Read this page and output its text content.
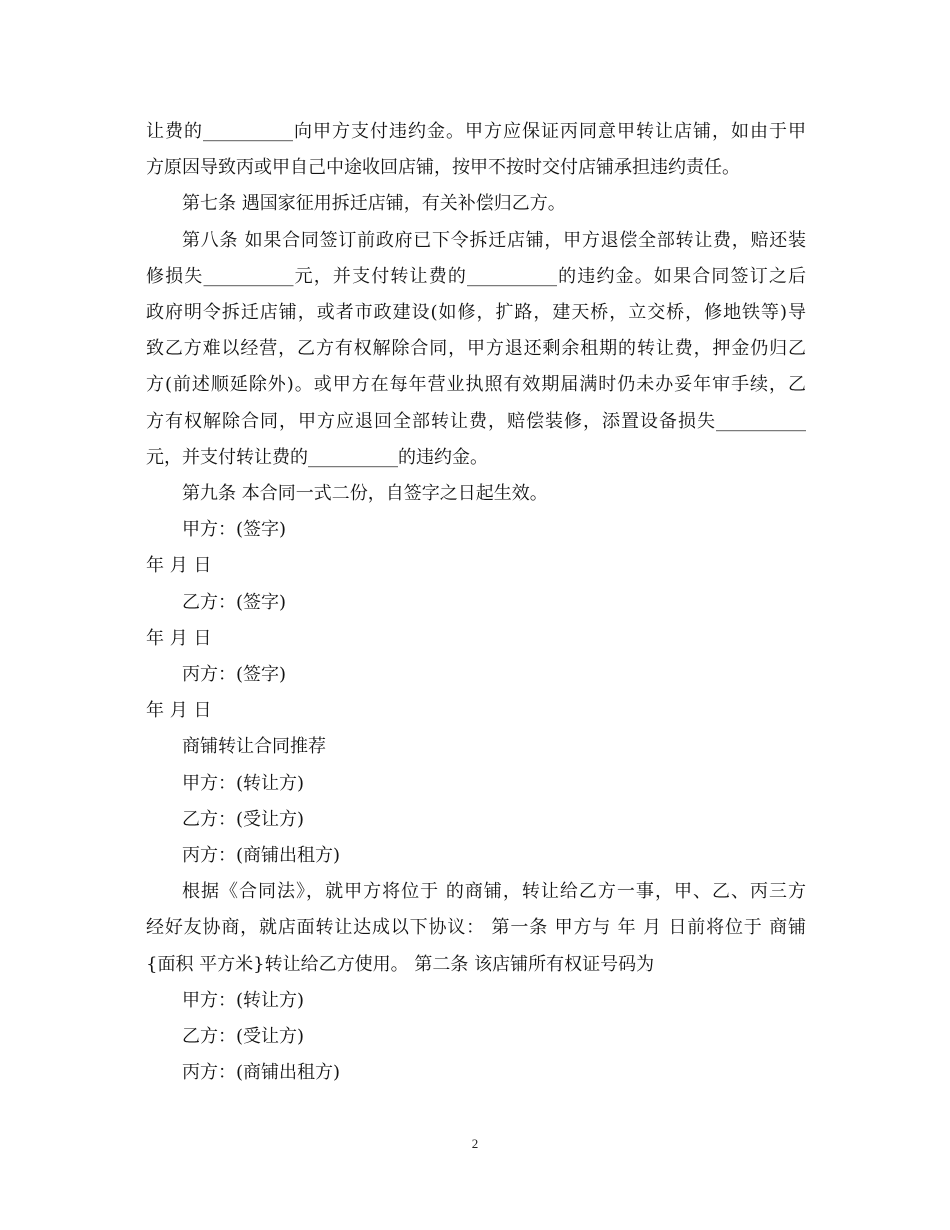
让费的__________向甲方支付违约金。甲方应保证丙同意甲转让店铺，如由于甲

方原因导致丙或甲自己中途收回店铺，按甲不按时交付店铺承担违约责任。

第七条 遇国家征用拆迁店铺，有关补偿归乙方。

第八条 如果合同签订前政府已下令拆迁店铺，甲方退偿全部转让费，赔还装

修损失__________元，并支付转让费的__________的违约金。如果合同签订之后

政府明令拆迁店铺，或者市政建设(如修，扩路，建天桥，立交桥，修地铁等)导

致乙方难以经营，乙方有权解除合同，甲方退还剩余租期的转让费，押金仍归乙

方(前述顺延除外)。或甲方在每年营业执照有效期届满时仍未办妥年审手续，乙

方有权解除合同，甲方应退回全部转让费，赔偿装修，添置设备损失__________

元，并支付转让费的__________的违约金。

第九条 本合同一式二份，自签字之日起生效。

甲方：(签字)

年 月 日

乙方：(签字)

年 月 日

丙方：(签字)

年 月 日

商铺转让合同推荐

甲方：(转让方)

乙方：(受让方)

丙方：(商铺出租方)

根据《合同法》，就甲方将位于 的商铺，转让给乙方一事，甲、乙、丙三方

经好友协商，就店面转让达成以下协议： 第一条 甲方与 年 月 日前将位于 商铺

{面积 平方米}转让给乙方使用。 第二条 该店铺所有权证号码为

甲方：(转让方)

乙方：(受让方)

丙方：(商铺出租方)

2
